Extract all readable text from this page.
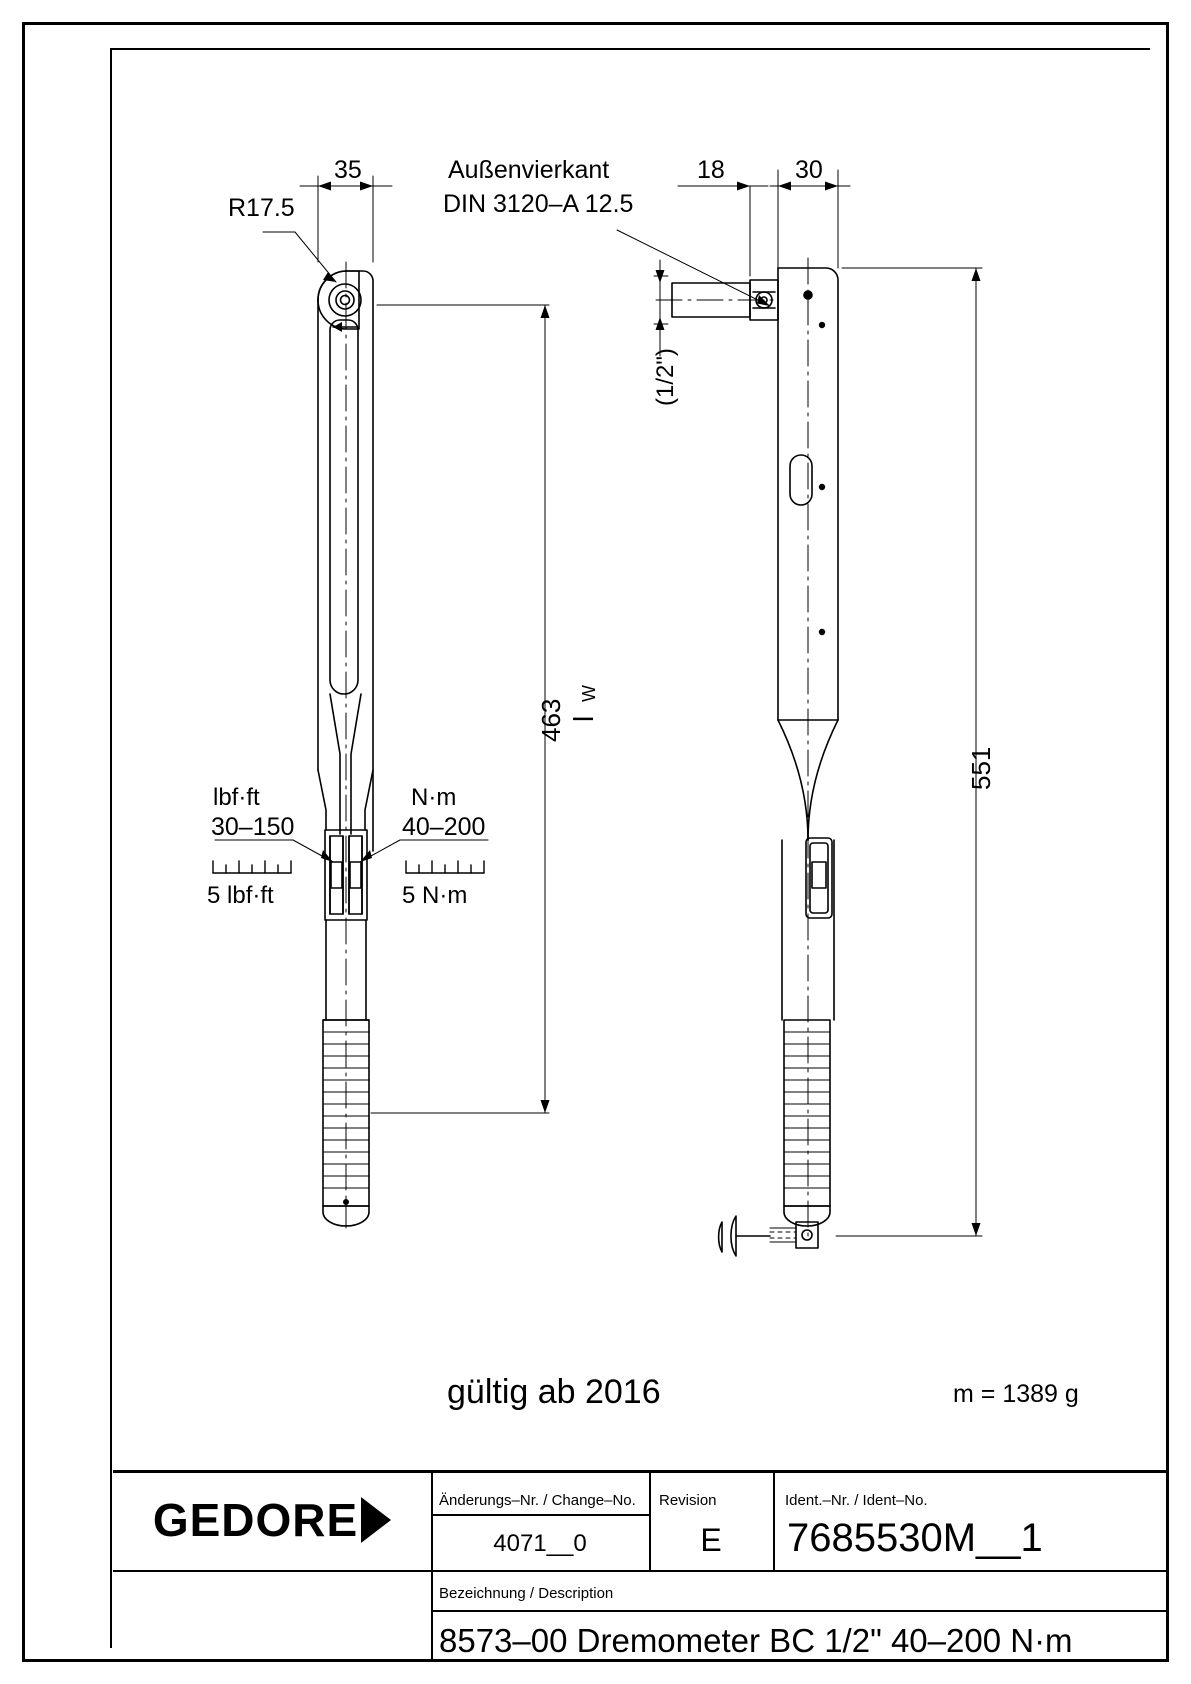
35
R17.5
Außenvierkant
DIN 3120–A 12.5
18	30
(1/2")
463 l
W
551
lbf·ft
30–150
5 lbf·ft
N·m
40–200
5 N·m
gültig ab 2016	m = 1389 g
GEDORE	Änderungs–Nr. / Change–No.
4071__0
Revision
E
Ident.–Nr. / Ident–No.
7685530M__1
Bezeichnung / Description
8573–00 Dremometer BC 1/2" 40–200 N·m
